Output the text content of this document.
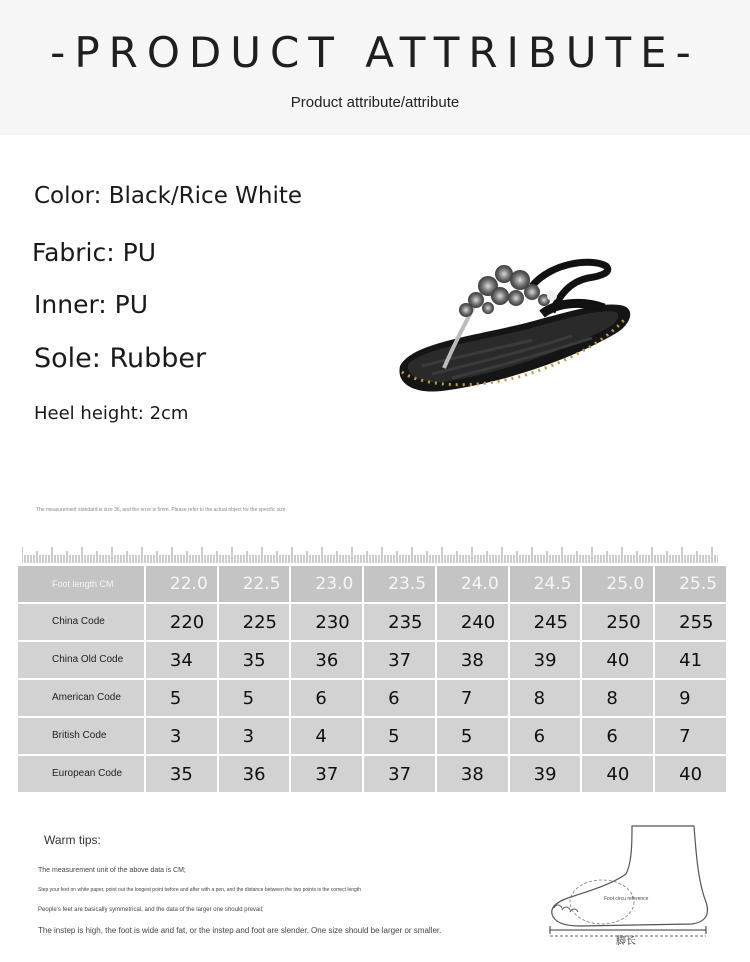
-PRODUCT ATTRIBUTE-
Product attribute/attribute
Color: Black/Rice White
Fabric: PU
Inner: PU
Sole: Rubber
Heel height: 2cm
The measurement standard is size 36, and the error is 5mm. Please refer to the actual object for the specific size.
Foot length CM	22.0	22.5	23.0	23.5	24.0	24.5	25.0	25.5
China Code	220	225	230	235	240	245	250	255
China Old Code	34	35	36	37	38	39	40	41
American Code	5	5	6	6	7	8	8	9
British Code	3	3	4	5	5	6	6	7
European Code	35	36	37	37	38	39	40	40
Warm tips:
The measurement unit of the above data is CM;
Step your feet on white paper, point out the longest point before and after with a pen, and the distance between the two points is the correct length
People's feet are basically symmetrical, and the data of the larger one should prevail;
The instep is high, the foot is wide and fat, or the instep and foot are slender. One size should be larger or smaller.
Foot circu reference
脚长
